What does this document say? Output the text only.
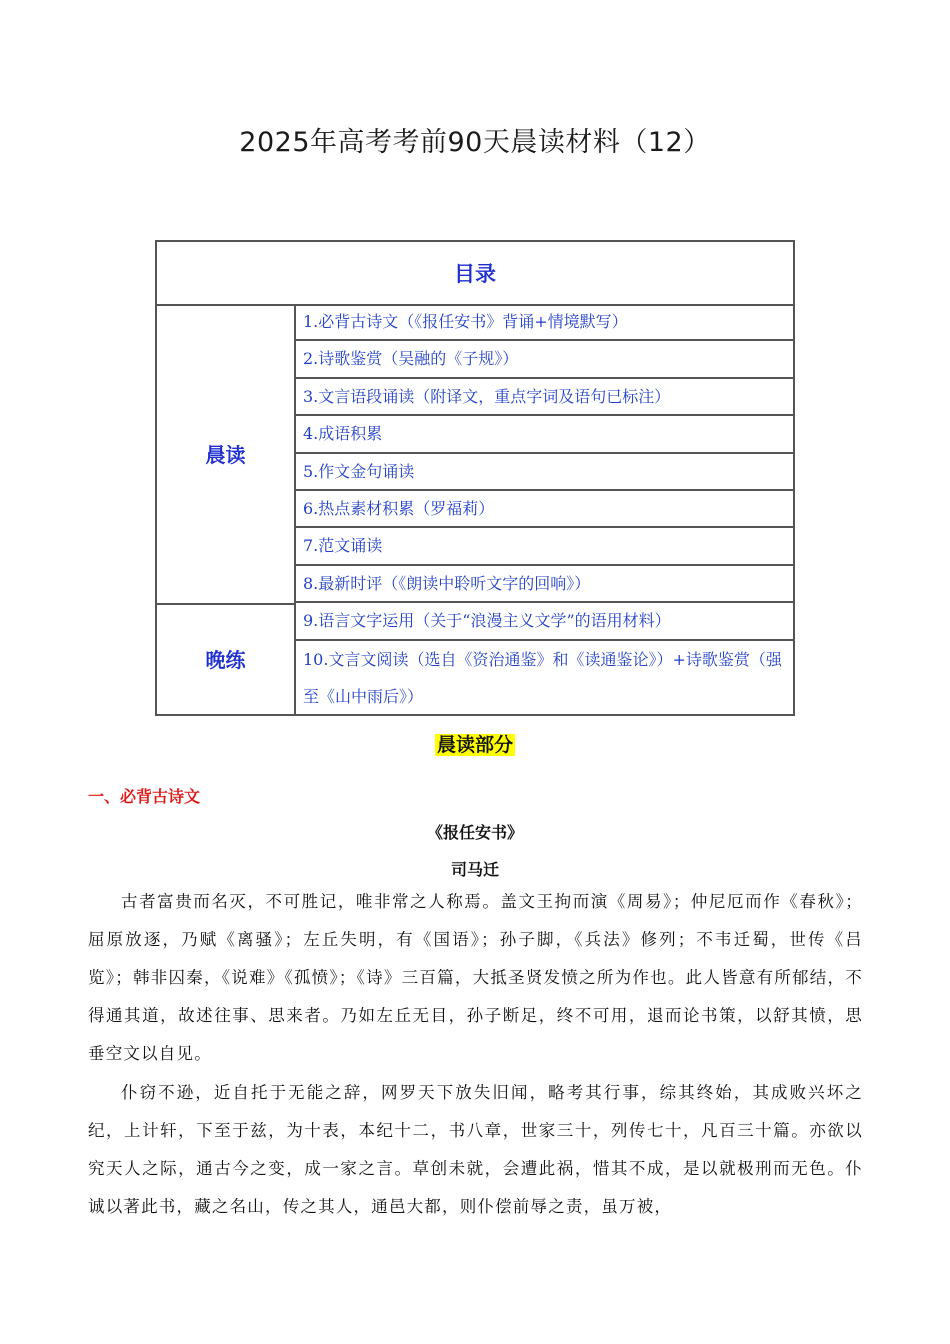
2025年高考考前90天晨读材料（12）
目录
晨读
晚练
1.必背古诗文（《报任安书》背诵+情境默写）
2.诗歌鉴赏（吴融的《子规》）
3.文言语段诵读（附译文，重点字词及语句已标注）
4.成语积累
5.作文金句诵读
6.热点素材积累（罗福莉）
7.范文诵读
8.最新时评（《朗读中聆听文字的回响》）
9.语言文字运用（关于“浪漫主义文学”的语用材料）
10.文言文阅读（选自《资治通鉴》和《读通鉴论》）+诗歌鉴赏（强至《山中雨后》）
晨读部分
一、必背古诗文
《报任安书》
司马迁
古者富贵而名灭，不可胜记，唯非常之人称焉。盖文王拘而演《周易》；仲尼厄而作《春秋》；屈原放逐，乃赋《离骚》；左丘失明，有《国语》；孙子脚，《兵法》修列；不韦迁蜀，世传《吕览》；韩非囚秦，《说难》《孤愤》；《诗》三百篇，大抵圣贤发愤之所为作也。此人皆意有所郁结，不得通其道，故述往事、思来者。乃如左丘无目，孙子断足，终不可用，退而论书策，以舒其愤，思垂空文以自见。
仆窃不逊，近自托于无能之辞，网罗天下放失旧闻，略考其行事，综其终始，其成败兴坏之纪，上计轩，下至于兹，为十表，本纪十二，书八章，世家三十，列传七十，凡百三十篇。亦欲以究天人之际，通古今之变，成一家之言。草创未就，会遭此祸，惜其不成，是以就极刑而无色。仆诚以著此书，藏之名山，传之其人，通邑大都，则仆偿前辱之责，虽万被，
